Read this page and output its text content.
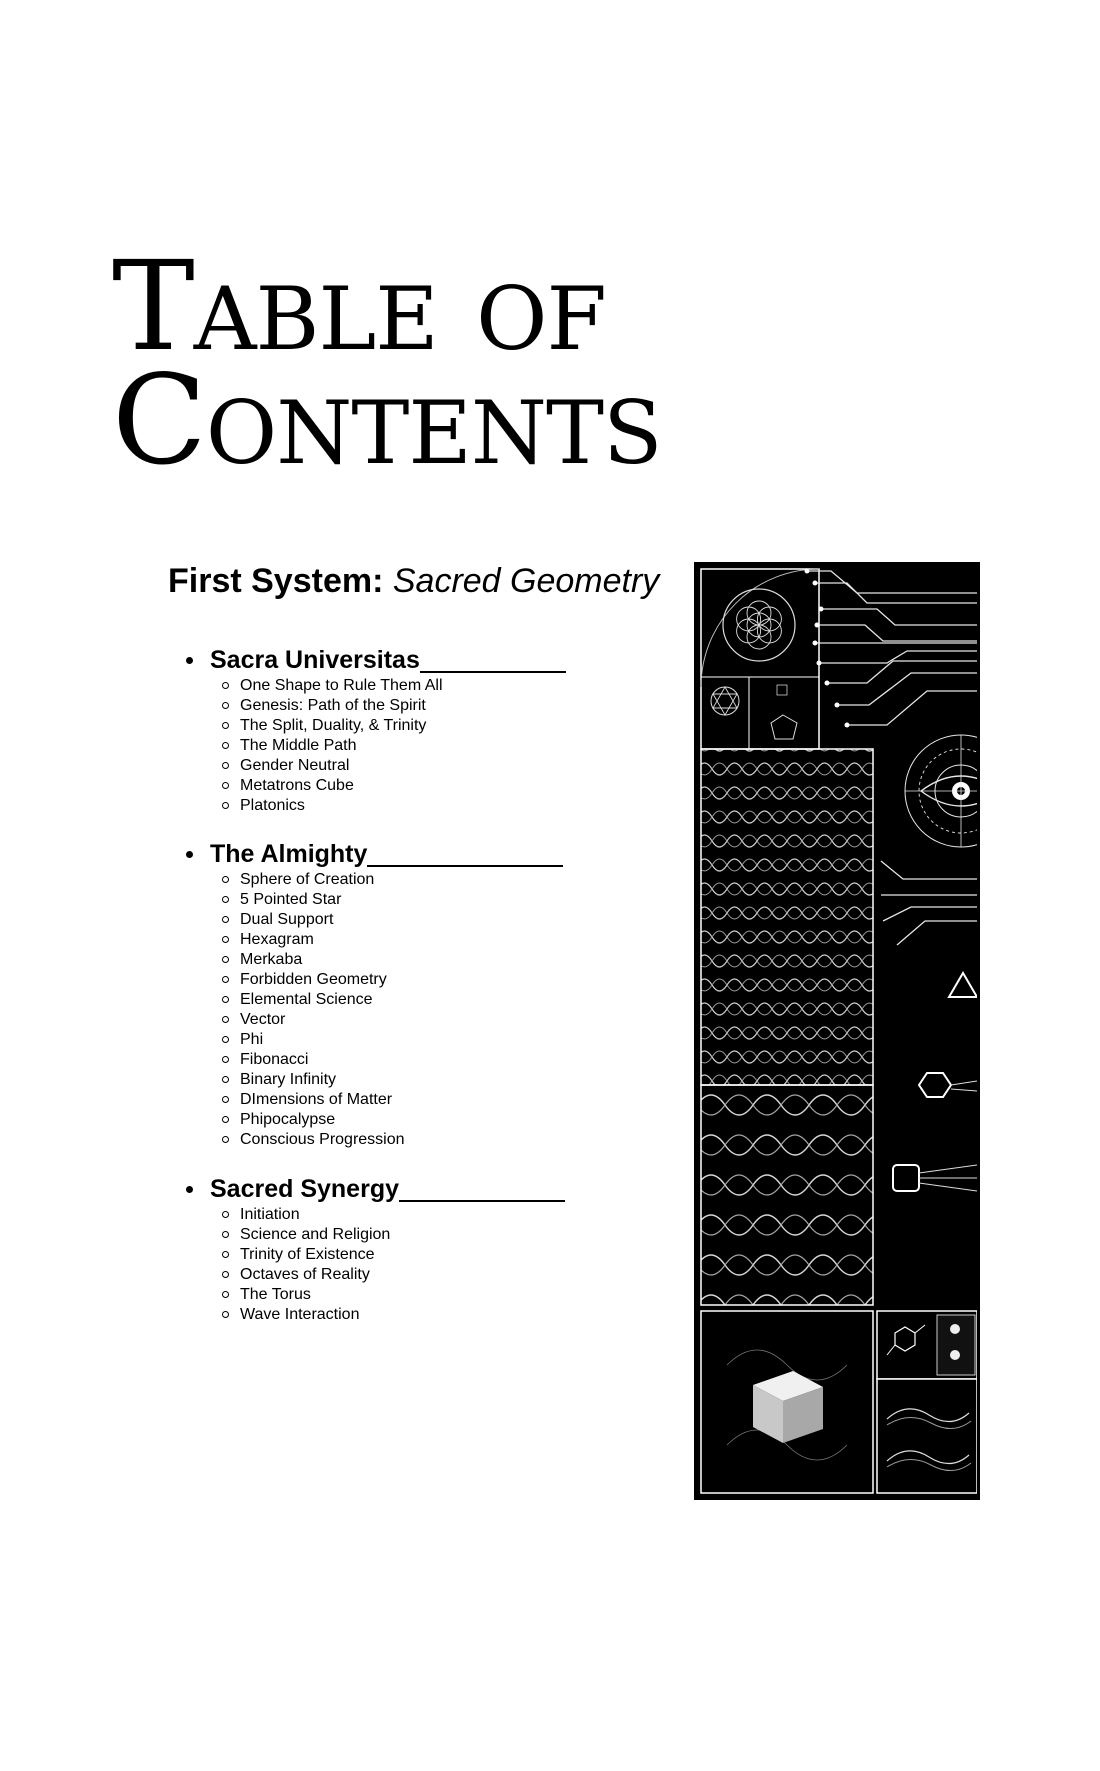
Table of
Contents
First System: Sacred Geometry
Sacra Universitas
One Shape to Rule Them All
Genesis: Path of the Spirit
The Split, Duality, & Trinity
The Middle Path
Gender Neutral
Metatrons Cube
Platonics
The Almighty
Sphere of Creation
5 Pointed Star
Dual Support
Hexagram
Merkaba
Forbidden Geometry
Elemental Science
Vector
Phi
Fibonacci
Binary Infinity
DImensions of Matter
Phipocalypse
Conscious Progression
Sacred Synergy
Initiation
Science and Religion
Trinity of Existence
Octaves of Reality
The Torus
Wave Interaction
